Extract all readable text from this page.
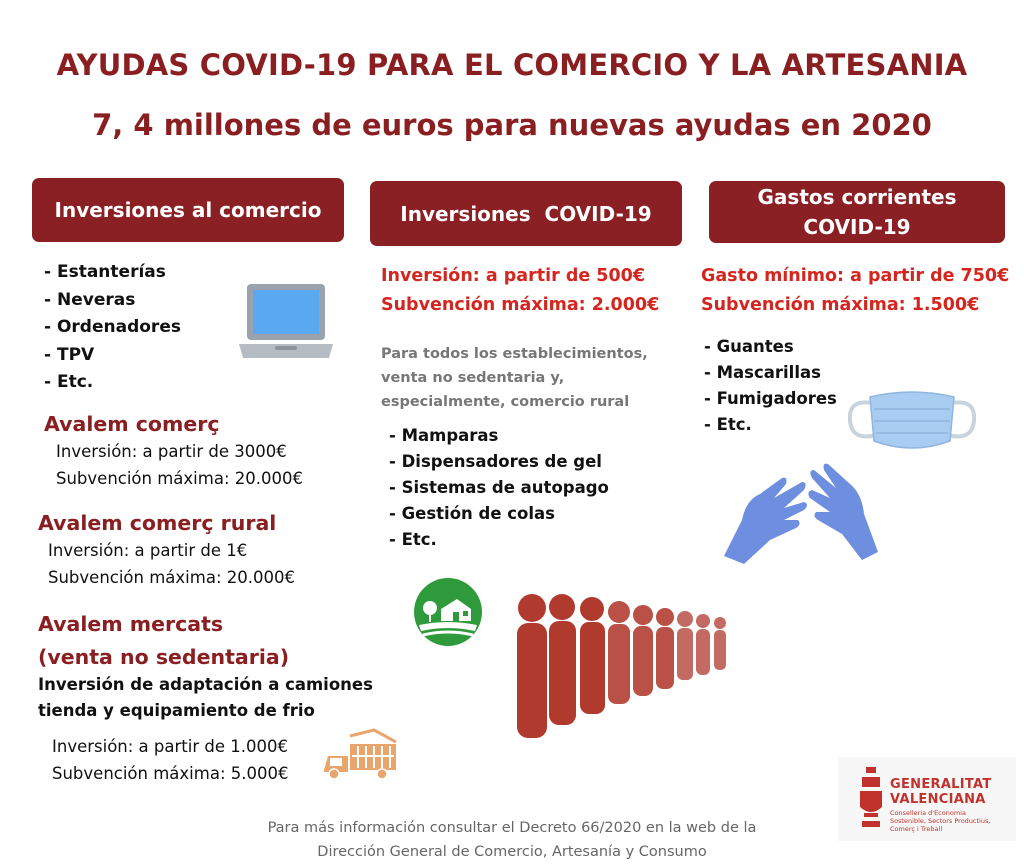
AYUDAS COVID-19 PARA EL COMERCIO Y LA ARTESANIA
7, 4 millones de euros para nuevas ayudas en 2020
Inversiones al comercio	Inversiones  COVID-19
Gastos corrientes
COVID-19
- Estanterías
- Neveras
- Ordenadores
- TPV
- Etc.
Avalem comerç
Inversión: a partir de 3000€
Subvención máxima: 20.000€
Avalem comerç rural
Inversión: a partir de 1€
Subvención máxima: 20.000€
Avalem mercats
(venta no sedentaria)
Inversión de adaptación a camiones
tienda y equipamiento de frio
Inversión: a partir de 1.000€
Subvención máxima: 5.000€
Inversión: a partir de 500€
Subvención máxima: 2.000€
Para todos los establecimientos,
venta no sedentaria y,
especialmente, comercio rural
- Mamparas
- Dispensadores de gel
- Sistemas de autopago
- Gestión de colas
- Etc.
Gasto mínimo: a partir de 750€
Subvención máxima: 1.500€
- Guantes
- Mascarillas
- Fumigadores
- Etc.
GENERALITAT
VALENCIANA
Conselleria d'Economia
Sostenible, Sectors Productius,
Comerç i Treball
Para más información consultar el Decreto 66/2020 en la web de la
Dirección General de Comercio, Artesanía y Consumo
